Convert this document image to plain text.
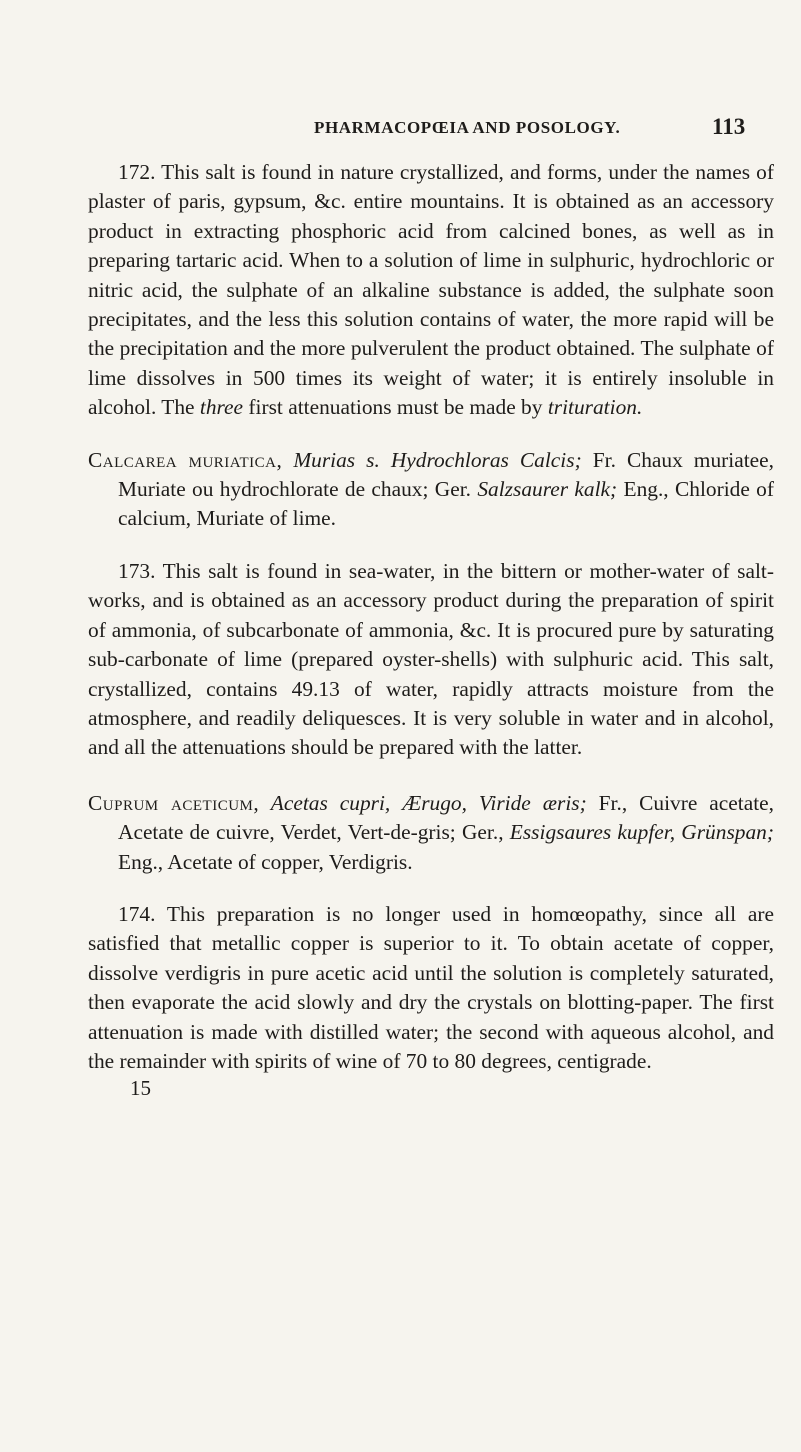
PHARMACOPŒIA AND POSOLOGY.	113

172. This salt is found in nature crystallized, and forms, under the names of plaster of paris, gypsum, &c. entire mountains. It is obtained as an accessory product in extracting phosphoric acid from calcined bones, as well as in preparing tartaric acid. When to a solution of lime in sulphuric, hydrochloric or nitric acid, the sulphate of an alkaline substance is added, the sulphate soon precipitates, and the less this solution contains of water, the more rapid will be the precipitation and the more pulverulent the product obtained. The sulphate of lime dissolves in 500 times its weight of water; it is entirely insoluble in alcohol. The three first attenuations must be made by trituration.

Calcarea muriatica, Murias s. Hydrochloras Calcis; Fr. Chaux muriatee, Muriate ou hydrochlorate de chaux; Ger. Salzsaurer kalk; Eng., Chloride of calcium, Muriate of lime.

173. This salt is found in sea-water, in the bittern or mother-water of salt-works, and is obtained as an accessory product during the preparation of spirit of ammonia, of subcarbonate of ammonia, &c. It is procured pure by saturating sub-carbonate of lime (prepared oyster-shells) with sulphuric acid. This salt, crystallized, contains 49.13 of water, rapidly attracts moisture from the atmosphere, and readily deliquesces. It is very soluble in water and in alcohol, and all the attenuations should be prepared with the latter.

Cuprum aceticum, Acetas cupri, Ærugo, Viride æris; Fr., Cuivre acetate, Acetate de cuivre, Verdet, Vert-de-gris; Ger., Essigsaures kupfer, Grünspan; Eng., Acetate of copper, Verdigris.

174. This preparation is no longer used in homœopathy, since all are satisfied that metallic copper is superior to it. To obtain acetate of copper, dissolve verdigris in pure acetic acid until the solution is completely saturated, then evaporate the acid slowly and dry the crystals on blotting-paper. The first attenuation is made with distilled water; the second with aqueous alcohol, and the remainder with spirits of wine of 70 to 80 degrees, centigrade.

15
